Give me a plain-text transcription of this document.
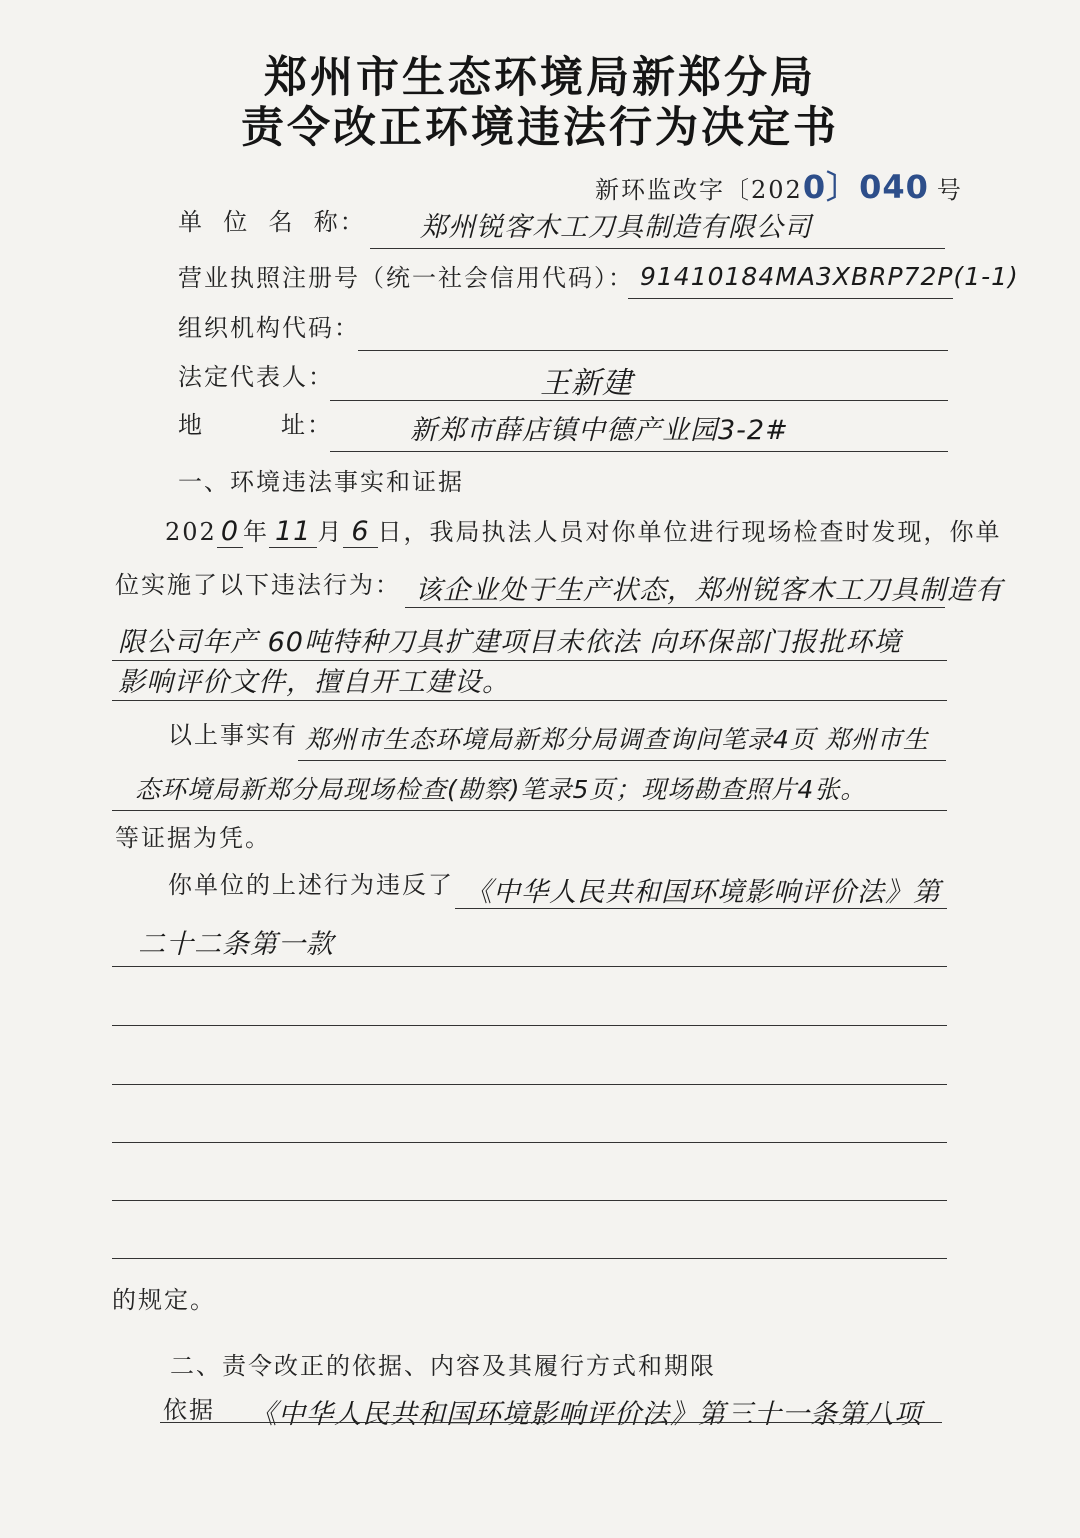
郑州市生态环境局新郑分局
责令改正环境违法行为决定书
新环监改字〔2020〕040 号
单  位  名  称： 郑州锐客木工刀具制造有限公司
营业执照注册号（统一社会信用代码）： 91410184MA3XBRP72P(1-1)
组织机构代码：
法定代表人：	王新建
地        址：	新郑市薛店镇中德产业园3-2#
一、环境违法事实和证据
202 0 年 11 月 6 日，我局执法人员对你单位进行现场检查时发现，你单
位实施了以下违法行为： 该企业处于生产状态，郑州锐客木工刀具制造有
限公司年产 60吨特种刀具扩建项目未依法 向环保部门报批环境
影响评价文件，擅自开工建设。
以上事实有 郑州市生态环境局新郑分局调查询问笔录4页 郑州市生
态环境局新郑分局现场检查(勘察)笔录5页；现场勘查照片4张。
等证据为凭。
你单位的上述行为违反了 《中华人民共和国环境影响评价法》第
二十二条第一款
的规定。
二、责令改正的依据、内容及其履行方式和期限
依据 《中华人民共和国环境影响评价法》第三十一条第八项
